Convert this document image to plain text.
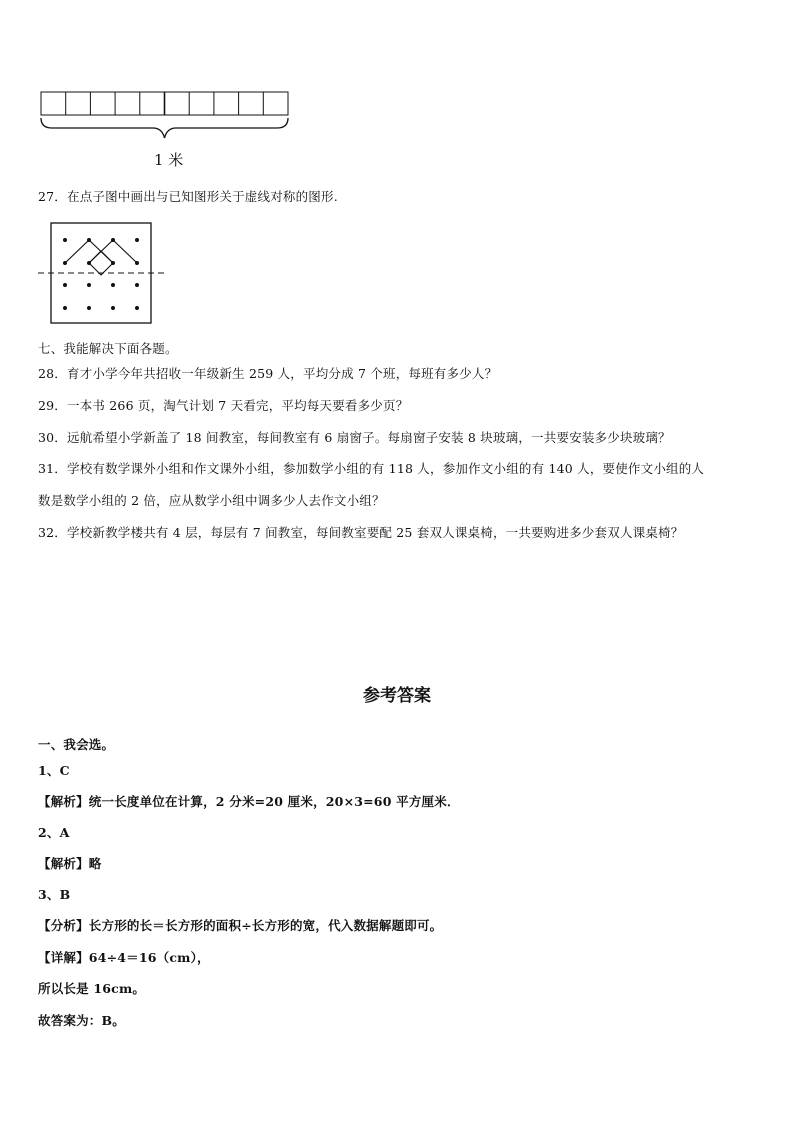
1 米
27．在点子图中画出与已知图形关于虚线对称的图形.
七、我能解决下面各题。
28．育才小学今年共招收一年级新生 259 人，平均分成 7 个班，每班有多少人？
29．一本书 266 页，淘气计划 7 天看完，平均每天要看多少页？
30．远航希望小学新盖了 18 间教室，每间教室有 6 扇窗子。每扇窗子安装 8 块玻璃，一共要安装多少块玻璃？
31．学校有数学课外小组和作文课外小组，参加数学小组的有 118 人，参加作文小组的有 140 人，要使作文小组的人
数是数学小组的 2 倍，应从数学小组中调多少人去作文小组？
32．学校新教学楼共有 4 层，每层有 7 间教室，每间教室要配 25 套双人课桌椅，一共要购进多少套双人课桌椅？
参考答案
一、我会选。
1、C
【解析】统一长度单位在计算，2 分米=20 厘米，20×3=60 平方厘米．
2、A
【解析】略
3、B
【分析】长方形的长＝长方形的面积÷长方形的宽，代入数据解题即可。
【详解】64÷4＝16（cm），
所以长是 16cm。
故答案为：B。
